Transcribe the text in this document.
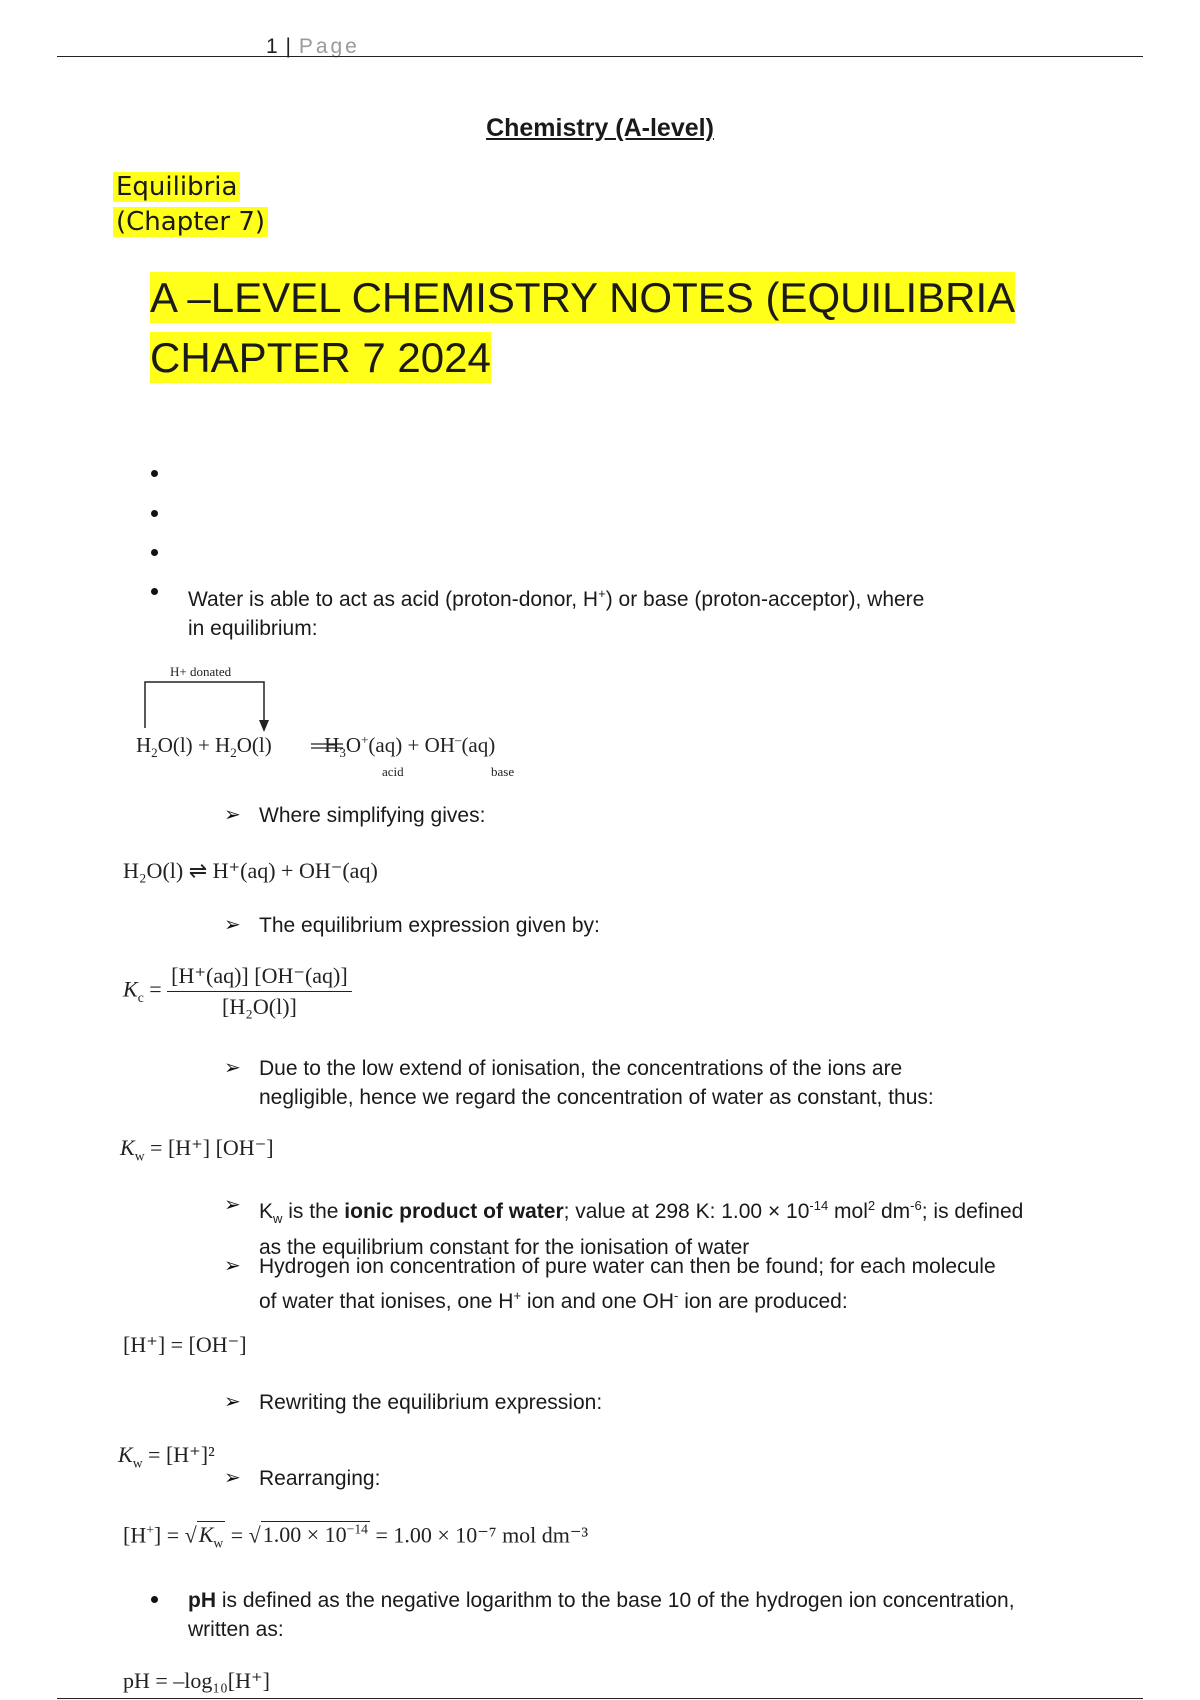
1 | Page
Chemistry (A-level)
Equilibria
(Chapter 7)
A –LEVEL CHEMISTRY NOTES (EQUILIBRIA
CHAPTER 7 2024
Water is able to act as acid (proton-donor, H+) or base (proton-acceptor), where
in equilibrium:
H+ donated
$H_2O(l) + H_2O(l)$	$H_3O^+(aq) + OH^-(aq)$
acid	base
➢ Where simplifying gives:
H₂O(l) ⇌ H⁺(aq) + OH⁻(aq)
➢ The equilibrium expression given by:
$K_c = \frac{[H^+(aq)] [OH^-(aq)]}{\text{[H₂O(l)]}}$
➢ Due to the low extend of ionisation, the concentrations of the ions are
negligible, hence we regard the concentration of water as constant, thus:
$K_w = [H^+]$ [OH⁻]
➢ $K_w$ is the ionic product of water; value at 298 K: $1.00 \times 10^{-14}$ mol$^2$ $dm^{-6}$; is defined
as the equilibrium constant for the ionisation of water
➢ Hydrogen ion concentration of pure water can then be found; for each molecule
of water that ionises, one H+ ion and one OH- ion are produced:
[H⁺] = [OH⁻]
➢ Rewriting the equilibrium expression:
$K_w = [H^+]^2$
➢ Rearranging:
$[H^+] = √K_w = √1.00 \times 10^{-14} = 1.00 \times 10^{-7}$ mol dm⁻³
pH is defined as the negative logarithm to the base 10 of the hydrogen ion concentration,
written as:
pH = –log₁₀[H⁺]
